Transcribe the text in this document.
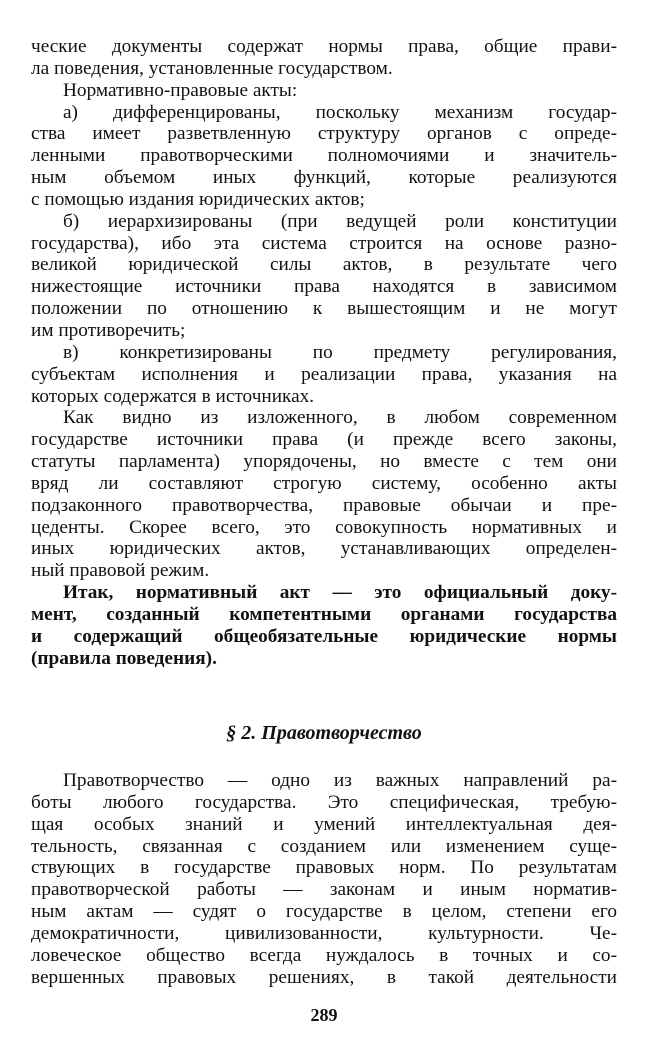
ческие документы содержат нормы права, общие прави-
ла поведения, установленные государством.
Нормативно-правовые акты:
а) дифференцированы, поскольку механизм государ-
ства имеет разветвленную структуру органов с опреде-
ленными правотворческими полномочиями и значитель-
ным объемом иных функций, которые реализуются
с помощью издания юридических актов;
б) иерархизированы (при ведущей роли конституции
государства), ибо эта система строится на основе разно-
великой юридической силы актов, в результате чего
нижестоящие источники права находятся в зависимом
положении по отношению к вышестоящим и не могут
им противоречить;
в) конкретизированы по предмету регулирования,
субъектам исполнения и реализации права, указания на
которых содержатся в источниках.
Как видно из изложенного, в любом современном
государстве источники права (и прежде всего законы,
статуты парламента) упорядочены, но вместе с тем они
вряд ли составляют строгую систему, особенно акты
подзаконного правотворчества, правовые обычаи и пре-
цеденты. Скорее всего, это совокупность нормативных и
иных юридических актов, устанавливающих определен-
ный правовой режим.
Итак, нормативный акт — это официальный доку-
мент, созданный компетентными органами государства
и содержащий общеобязательные юридические нормы
(правила поведения).
§ 2. Правотворчество
Правотворчество — одно из важных направлений ра-
боты любого государства. Это специфическая, требую-
щая особых знаний и умений интеллектуальная дея-
тельность, связанная с созданием или изменением суще-
ствующих в государстве правовых норм. По результатам
правотворческой работы — законам и иным норматив-
ным актам — судят о государстве в целом, степени его
демократичности, цивилизованности, культурности. Че-
ловеческое общество всегда нуждалось в точных и со-
вершенных правовых решениях, в такой деятельности
289
